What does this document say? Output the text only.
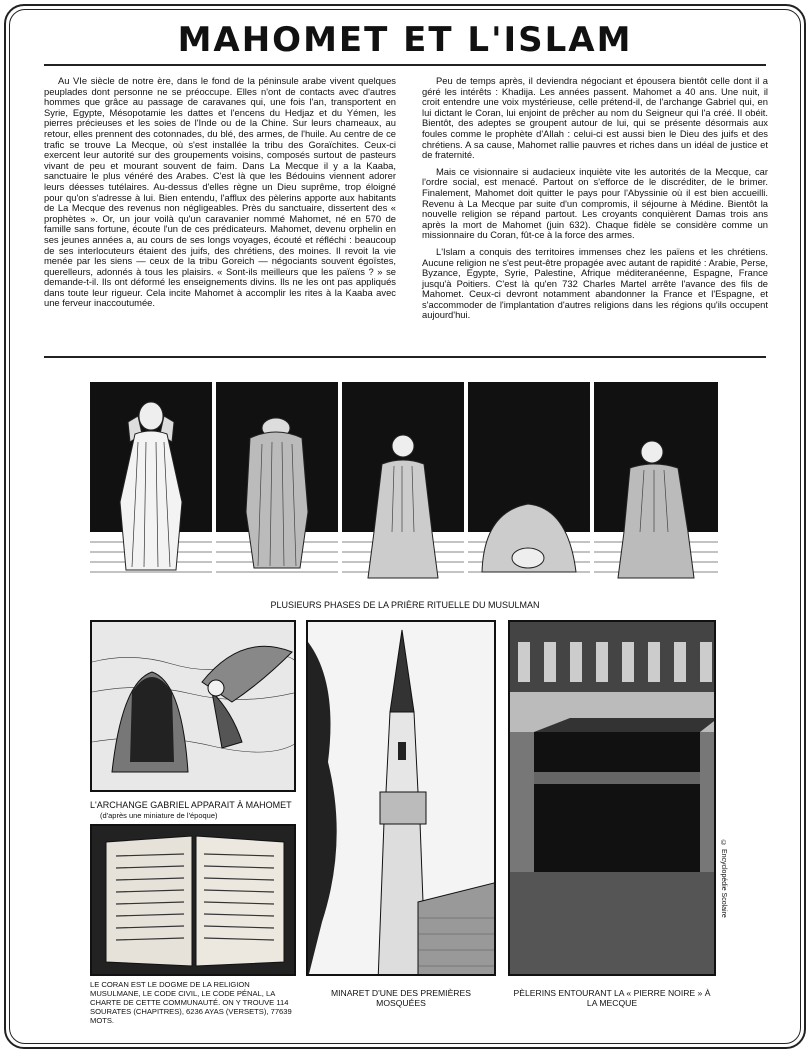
MAHOMET ET L'ISLAM

Au VIe siècle de notre ère, dans le fond de la péninsule arabe vivent quelques peuplades dont personne ne se préoccupe. Elles n'ont de contacts avec d'autres hommes que grâce au passage de caravanes qui, une fois l'an, transportent en Syrie, Egypte, Mésopotamie les dattes et l'encens du Hedjaz et du Yémen, les pierres précieuses et les soies de l'Inde ou de la Chine. Sur leurs chameaux, au retour, elles prennent des cotonnades, du blé, des armes, de l'huile. Au centre de ce trafic se trouve La Mecque, où s'est installée la tribu des Goraïchites. Ceux-ci exercent leur autorité sur des groupements voisins, composés surtout de pasteurs vivant de peu et mourant souvent de faim. Dans La Mecque il y a la Kaaba, sanctuaire le plus vénéré des Arabes. C'est là que les Bédouins viennent adorer leurs déesses tutélaires. Au-dessus d'elles règne un Dieu suprême, trop éloigné pour qu'on s'adresse à lui. Bien entendu, l'afflux des pèlerins apporte aux habitants de La Mecque des revenus non négligeables. Près du sanctuaire, dissertent des « prophètes ». Or, un jour voilà qu'un caravanier nommé Mahomet, né en 570 de famille sans fortune, écoute l'un de ces prédicateurs. Mahomet, devenu orphelin en ses jeunes années a, au cours de ses longs voyages, écouté et réfléchi : beaucoup de ses interlocuteurs étaient des juifs, des chrétiens, des moines. Il revoit la vie menée par les siens — ceux de la tribu Goreich — négociants souvent égoïstes, querelleurs, adonnés à tous les plaisirs. « Sont-ils meilleurs que les païens ? » se demande-t-il. Ils ont déformé les enseignements divins. Ils ne les ont pas appliqués dans toute leur rigueur. Cela incite Mahomet à accomplir les rites à la Kaaba avec une ferveur inaccoutumée.

Peu de temps après, il deviendra négociant et épousera bientôt celle dont il a géré les intérêts : Khadija. Les années passent. Mahomet a 40 ans. Une nuit, il croit entendre une voix mystérieuse, celle prétend-il, de l'archange Gabriel qui, en lui dictant le Coran, lui enjoint de prêcher au nom du Seigneur qui l'a créé. Il obéit. Bientôt, des adeptes se groupent autour de lui, qui se présente désormais aux foules comme le prophète d'Allah : celui-ci est aussi bien le Dieu des juifs et des chrétiens. A sa cause, Mahomet rallie pauvres et riches dans un idéal de justice et de fraternité.

Mais ce visionnaire si audacieux inquiète vite les autorités de la Mecque, car l'ordre social, est menacé. Partout on s'efforce de le discréditer, de le brimer. Finalement, Mahomet doit quitter le pays pour l'Abyssinie où il est bien accueilli. Revenu à La Mecque par suite d'un compromis, il séjourne à Médine. Bientôt la nouvelle religion se répand partout. Les croyants conquièrent Damas trois ans après la mort de Mahomet (juin 632). Chaque fidèle se considère comme un missionnaire du Coran, fût-ce à la force des armes.

L'Islam a conquis des territoires immenses chez les païens et les chrétiens. Aucune religion ne s'est peut-être propagée avec autant de rapidité : Arabie, Perse, Byzance, Egypte, Syrie, Palestine, Afrique méditeranéenne, Espagne, France jusqu'à Poitiers. C'est là qu'en 732 Charles Martel arrête l'avance des fils de Mahomet. Ceux-ci devront notamment abandonner la France et l'Espagne, et s'accommoder de l'implantation d'autres religions dans les régions qu'ils occupent aujourd'hui.

PLUSIEURS PHASES DE LA PRIÈRE RITUELLE DU MUSULMAN
L'ARCHANGE GABRIEL APPARAIT À MAHOMET
(d'après une miniature de l'époque)
LE CORAN EST LE DOGME DE LA RELIGION MUSULMANE, LE CODE CIVIL, LE CODE PÉNAL, LA CHARTE DE CETTE COMMUNAUTÉ. ON Y TROUVE 114 SOURATES (CHAPITRES), 6236 AYAS (VERSETS), 77639 MOTS.
MINARET D'UNE DES PREMIÈRES MOSQUÉES
© Encyclopédie Scolaire
PÈLERINS ENTOURANT LA « PIERRE NOIRE » À LA MECQUE
